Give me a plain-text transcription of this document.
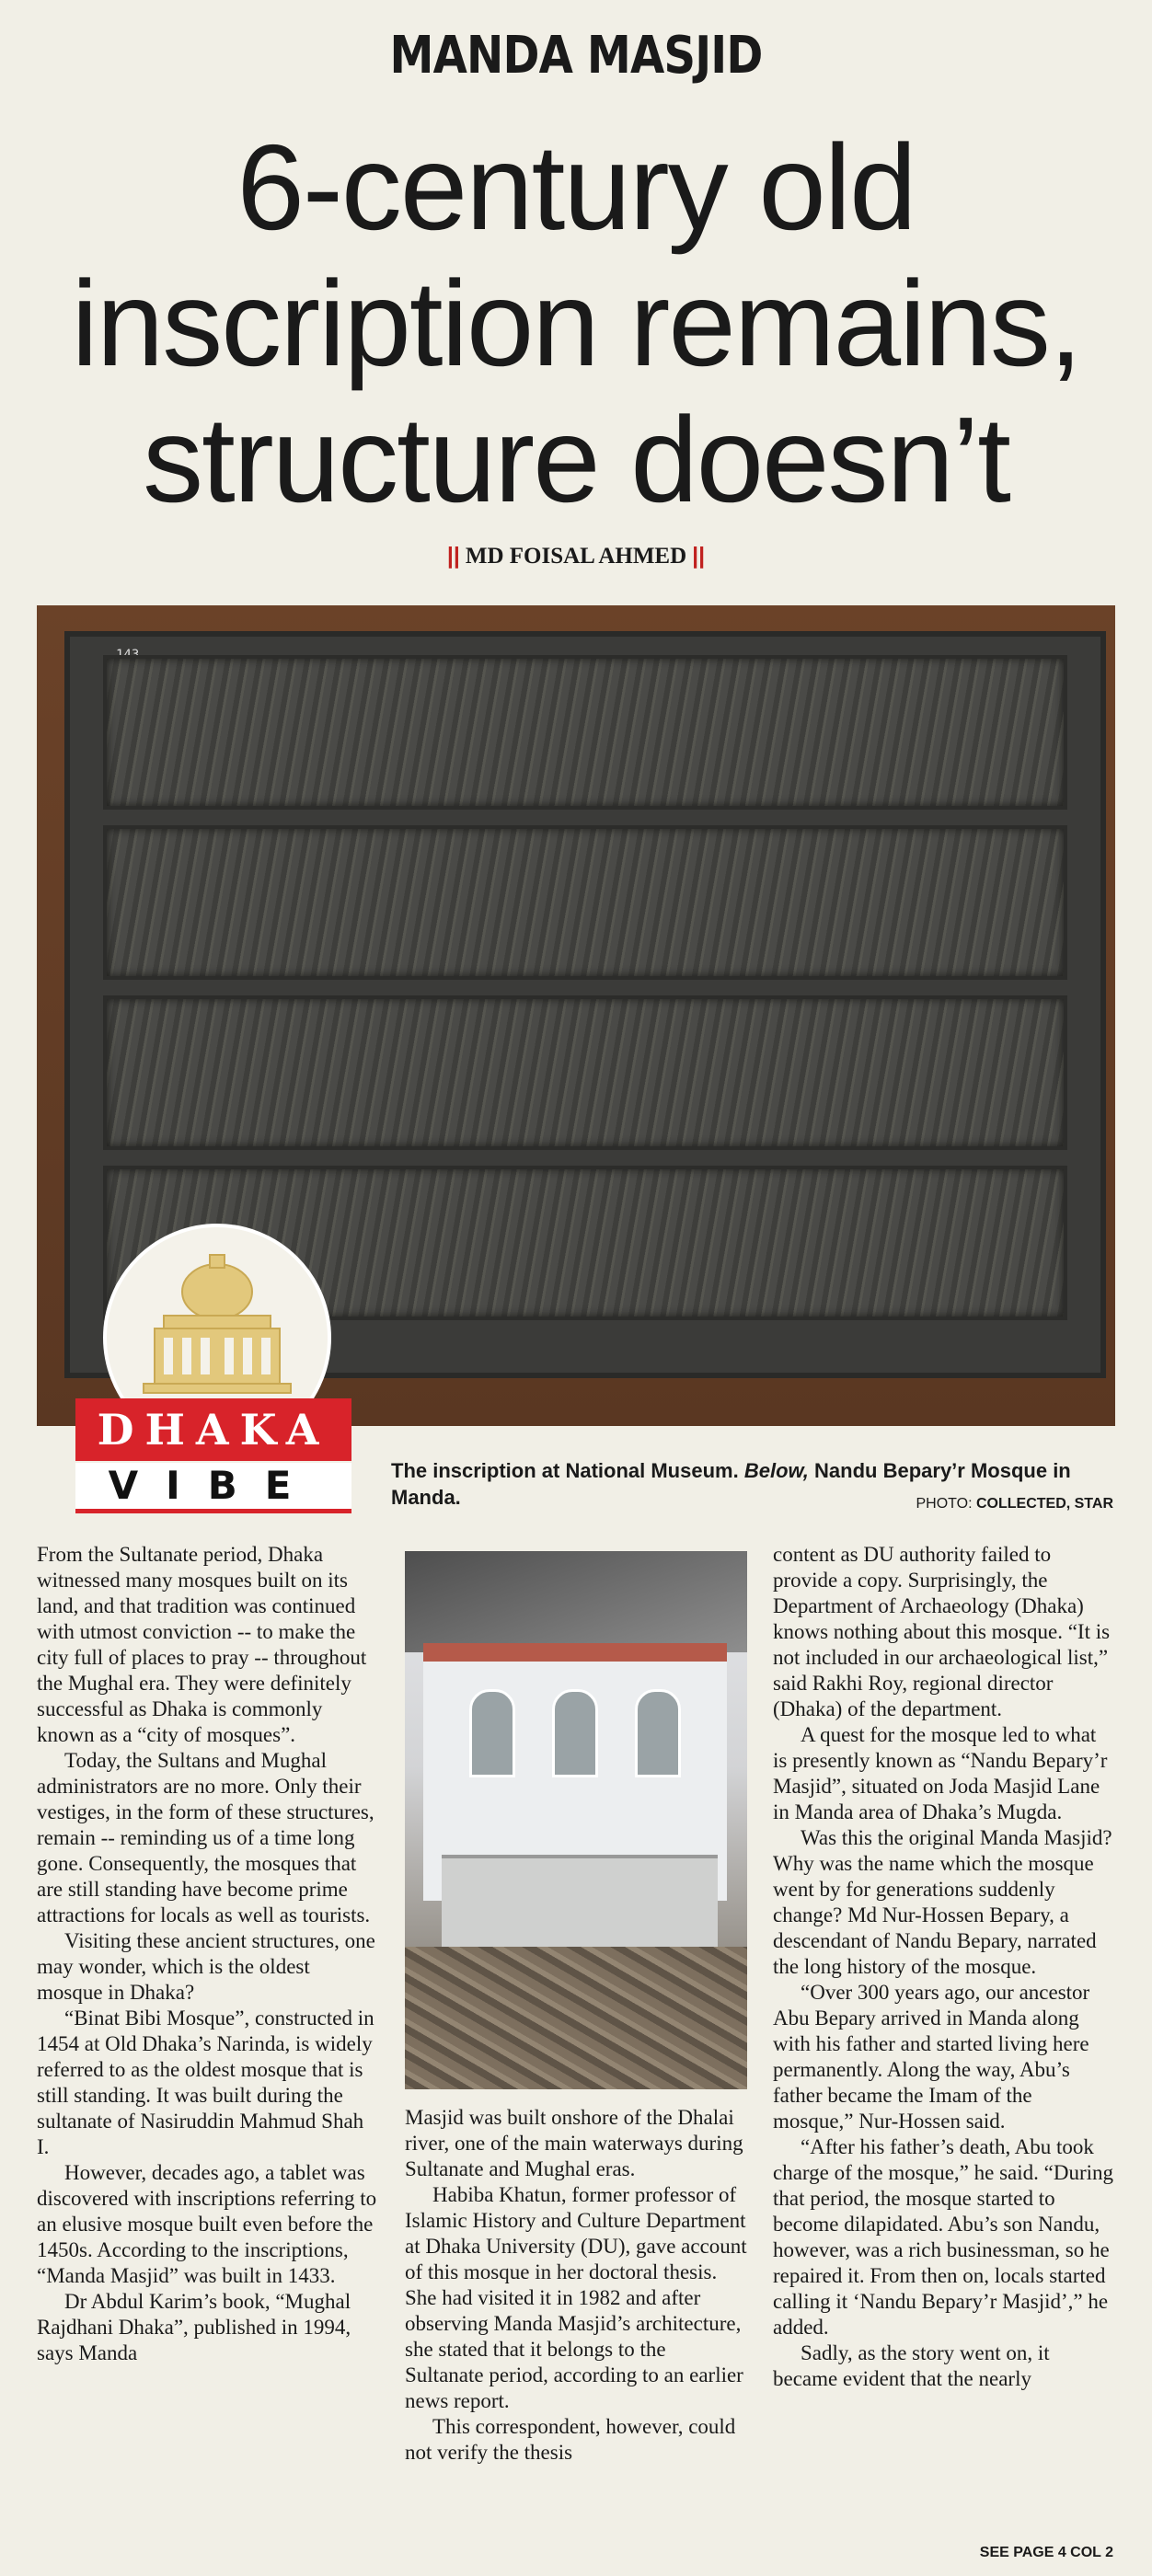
MANDA MASJID
6-century old
inscription remains,
structure doesn’t
|| MD FOISAL AHMED ||
DHAKA
VIBE	The inscription at National Museum. Below, Nandu Bepary’r Mosque in Manda.	PHOTO: COLLECTED, STAR

From the Sultanate period, Dhaka witnessed many mosques built on its land, and that tradition was continued with utmost conviction -- to make the city full of places to pray -- throughout the Mughal era. They were definitely successful as Dhaka is commonly known as a “city of mosques”.

Today, the Sultans and Mughal administrators are no more. Only their vestiges, in the form of these structures, remain -- reminding us of a time long gone. Consequently, the mosques that are still standing have become prime attractions for locals as well as tourists.

Visiting these ancient structures, one may wonder, which is the oldest mosque in Dhaka?

“Binat Bibi Mosque”, constructed in 1454 at Old Dhaka’s Narinda, is widely referred to as the oldest mosque that is still standing. It was built during the sultanate of Nasiruddin Mahmud Shah I.

However, decades ago, a tablet was discovered with inscriptions referring to an elusive mosque built even before the 1450s. According to the inscriptions, “Manda Masjid” was built in 1433.

Dr Abdul Karim’s book, “Mughal Rajdhani Dhaka”, published in 1994, says Manda

Masjid was built onshore of the Dhalai river, one of the main waterways during Sultanate and Mughal eras.

Habiba Khatun, former professor of Islamic History and Culture Department at Dhaka University (DU), gave account of this mosque in her doctoral thesis. She had visited it in 1982 and after observing Manda Masjid’s architecture, she stated that it belongs to the Sultanate period, according to an earlier news report.

This correspondent, however, could not verify the thesis

content as DU authority failed to provide a copy. Surprisingly, the Department of Archaeology (Dhaka) knows nothing about this mosque. “It is not included in our archaeological list,” said Rakhi Roy, regional director (Dhaka) of the department.

A quest for the mosque led to what is presently known as “Nandu Bepary’r Masjid”, situated on Joda Masjid Lane in Manda area of Dhaka’s Mugda.

Was this the original Manda Masjid? Why was the name which the mosque went by for generations suddenly change? Md Nur-Hossen Bepary, a descendant of Nandu Bepary, narrated the long history of the mosque.

“Over 300 years ago, our ancestor Abu Bepary arrived in Manda along with his father and started living here permanently. Along the way, Abu’s father became the Imam of the mosque,” Nur-Hossen said.

“After his father’s death, Abu took charge of the mosque,” he said. “During that period, the mosque started to become dilapidated. Abu’s son Nandu, however, was a rich businessman, so he repaired it. From then on, locals started calling it ‘Nandu Bepary’r Masjid’,” he added.

Sadly, as the story went on, it became evident that the nearly

SEE PAGE 4 COL 2
